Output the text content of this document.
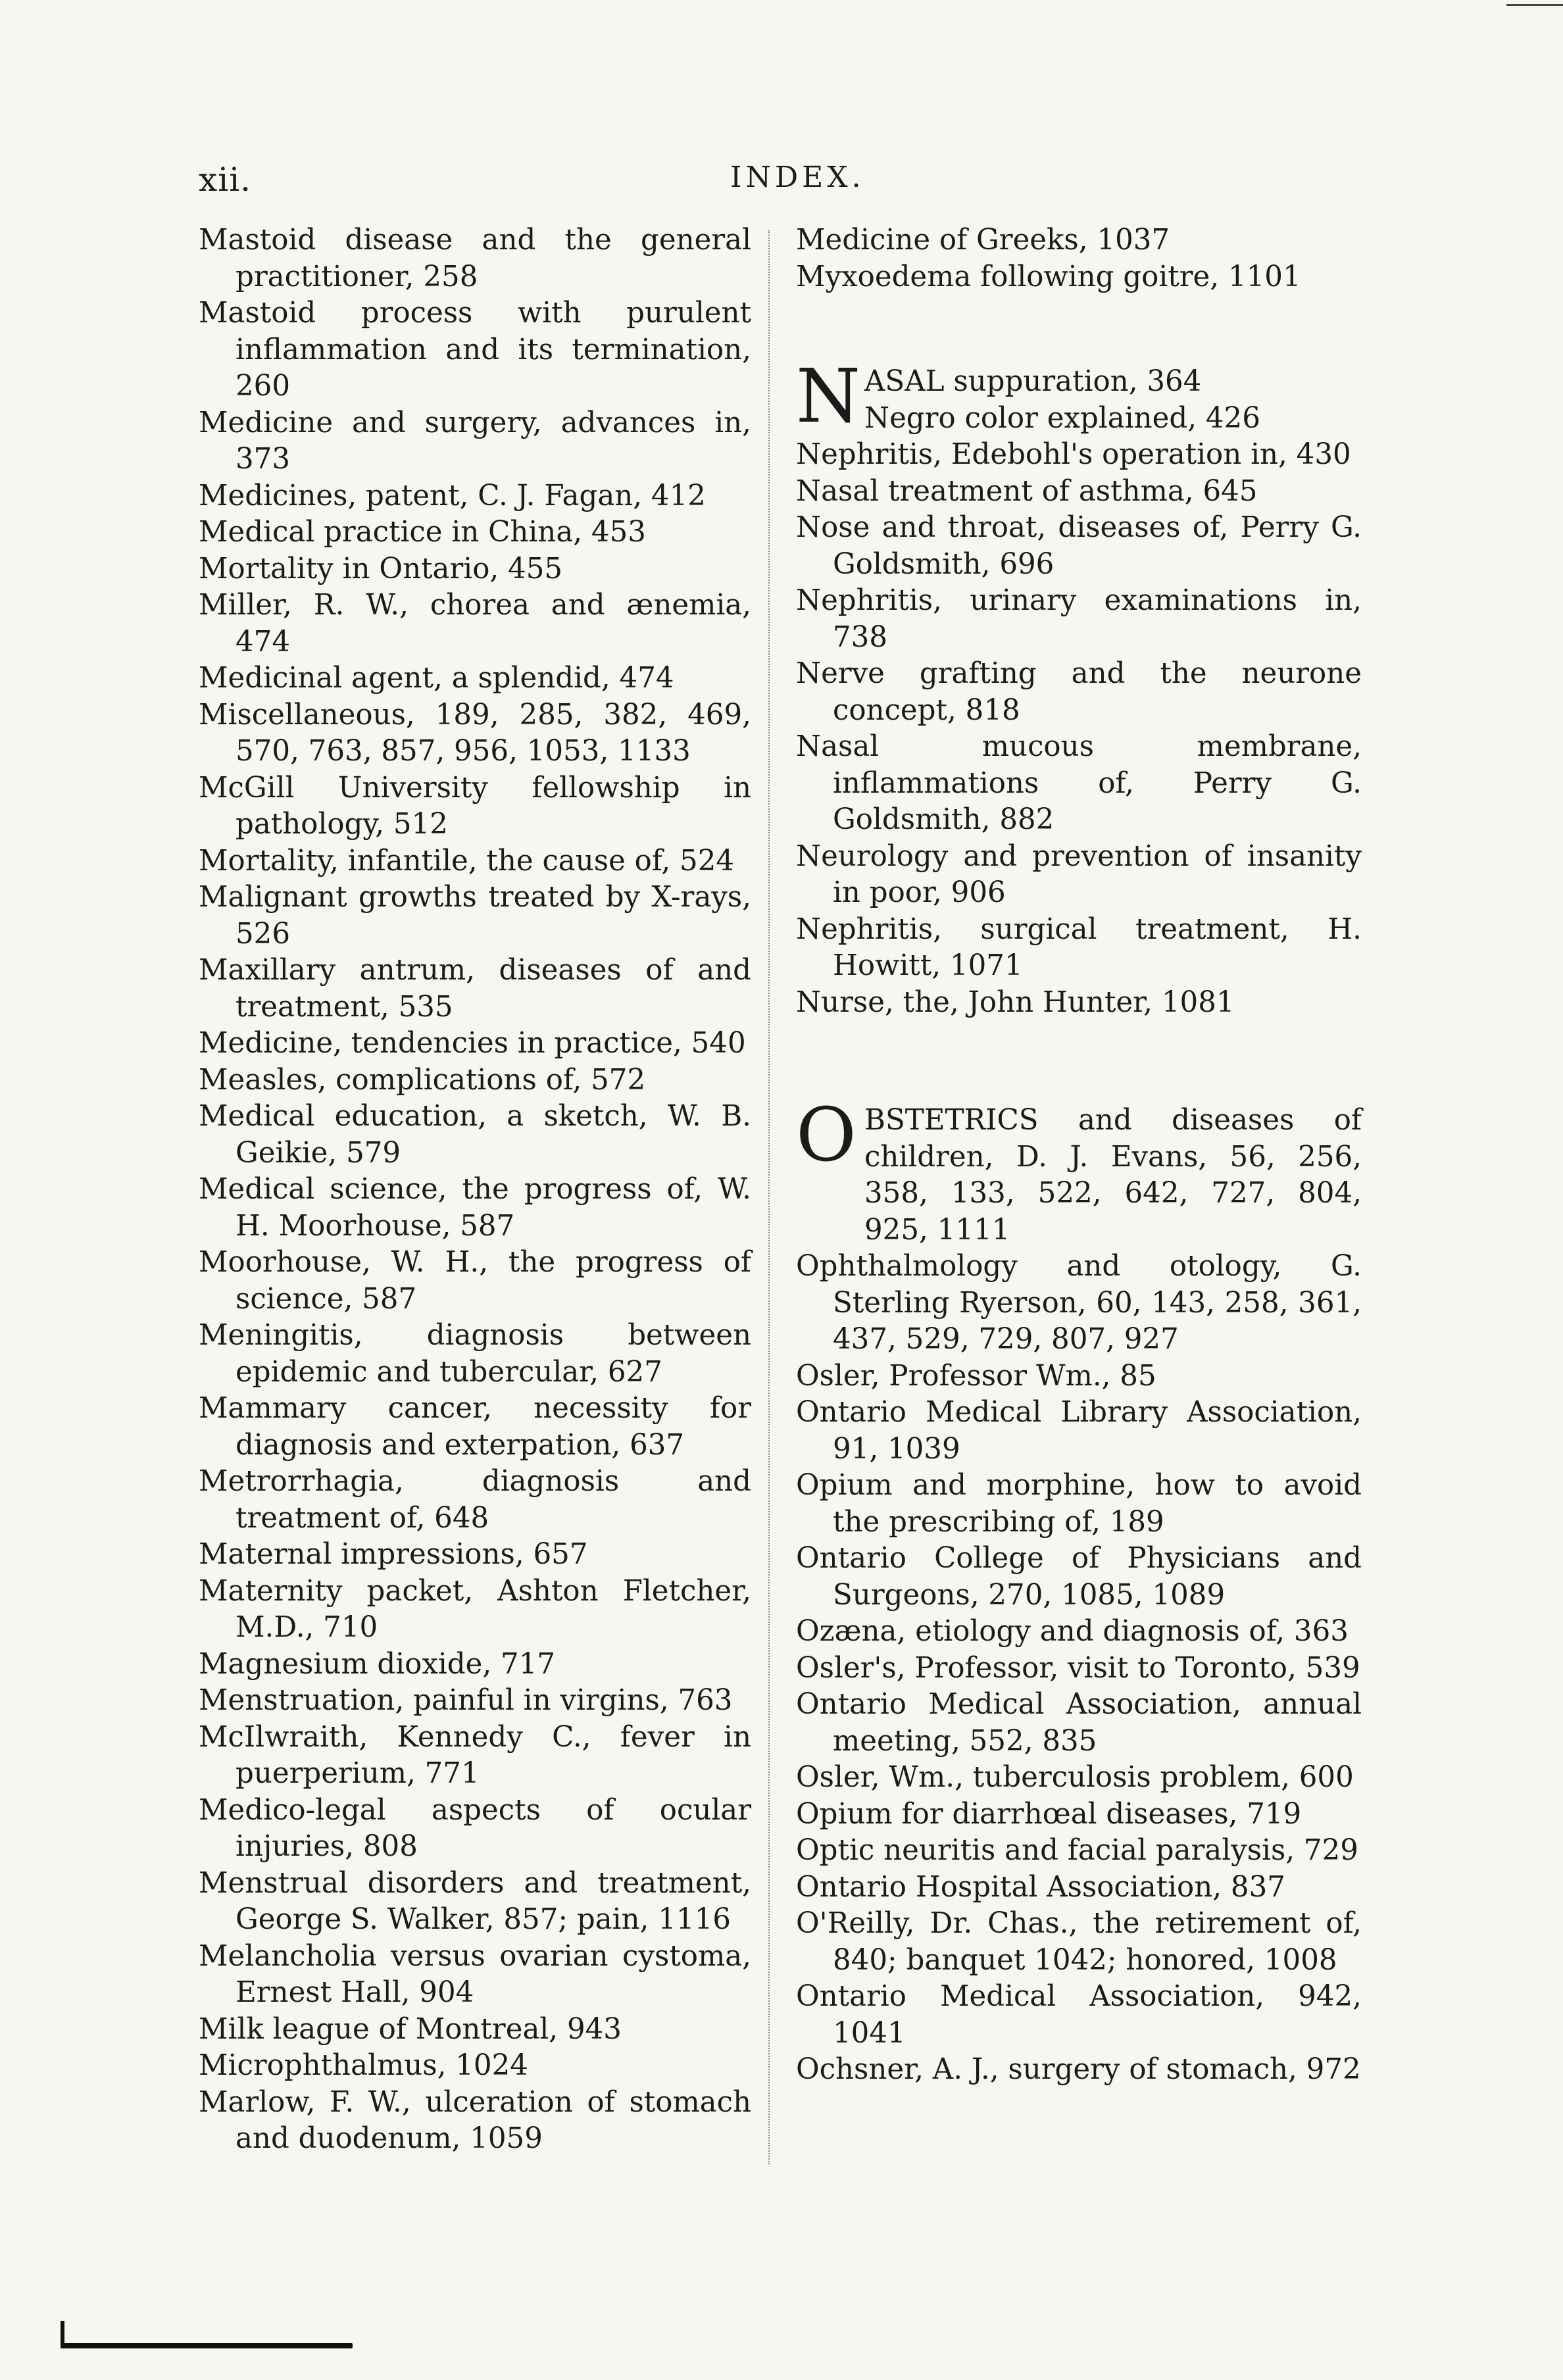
xii.	INDEX.
Mastoid disease and the general practitioner, 258
Mastoid process with purulent inflammation and its termination, 260
Medicine and surgery, advances in, 373
Medicines, patent, C. J. Fagan, 412
Medical practice in China, 453
Mortality in Ontario, 455
Miller, R. W., chorea and ænemia, 474
Medicinal agent, a splendid, 474
Miscellaneous, 189, 285, 382, 469, 570, 763, 857, 956, 1053, 1133
McGill University fellowship in pathology, 512
Mortality, infantile, the cause of, 524
Malignant growths treated by X-rays, 526
Maxillary antrum, diseases of and treatment, 535
Medicine, tendencies in practice, 540
Measles, complications of, 572
Medical education, a sketch, W. B. Geikie, 579
Medical science, the progress of, W. H. Moorhouse, 587
Moorhouse, W. H., the progress of science, 587
Meningitis, diagnosis between epidemic and tubercular, 627
Mammary cancer, necessity for diagnosis and exterpation, 637
Metrorrhagia, diagnosis and treatment of, 648
Maternal impressions, 657
Maternity packet, Ashton Fletcher, M.D., 710
Magnesium dioxide, 717
Menstruation, painful in virgins, 763
McIlwraith, Kennedy C., fever in puerperium, 771
Medico-legal aspects of ocular injuries, 808
Menstrual disorders and treatment, George S. Walker, 857; pain, 1116
Melancholia versus ovarian cystoma, Ernest Hall, 904
Milk league of Montreal, 943
Microphthalmus, 1024
Marlow, F. W., ulceration of stomach and duodenum, 1059
Medicine of Greeks, 1037
Myxoedema following goitre, 1101
N ASAL suppuration, 364
Negro color explained, 426
Nephritis, Edebohl's operation in, 430
Nasal treatment of asthma, 645
Nose and throat, diseases of, Perry G. Goldsmith, 696
Nephritis, urinary examinations in, 738
Nerve grafting and the neurone concept, 818
Nasal mucous membrane, inflammations of, Perry G. Goldsmith, 882
Neurology and prevention of insanity in poor, 906
Nephritis, surgical treatment, H. Howitt, 1071
Nurse, the, John Hunter, 1081
O BSTETRICS and diseases of children, D. J. Evans, 56, 256, 358, 133, 522, 642, 727, 804, 925, 1111
Ophthalmology and otology, G. Sterling Ryerson, 60, 143, 258, 361, 437, 529, 729, 807, 927
Osler, Professor Wm., 85
Ontario Medical Library Association, 91, 1039
Opium and morphine, how to avoid the prescribing of, 189
Ontario College of Physicians and Surgeons, 270, 1085, 1089
Ozæna, etiology and diagnosis of, 363
Osler's, Professor, visit to Toronto, 539
Ontario Medical Association, annual meeting, 552, 835
Osler, Wm., tuberculosis problem, 600
Opium for diarrhœal diseases, 719
Optic neuritis and facial paralysis, 729
Ontario Hospital Association, 837
O'Reilly, Dr. Chas., the retirement of, 840; banquet 1042; honored, 1008
Ontario Medical Association, 942, 1041
Ochsner, A. J., surgery of stomach, 972
